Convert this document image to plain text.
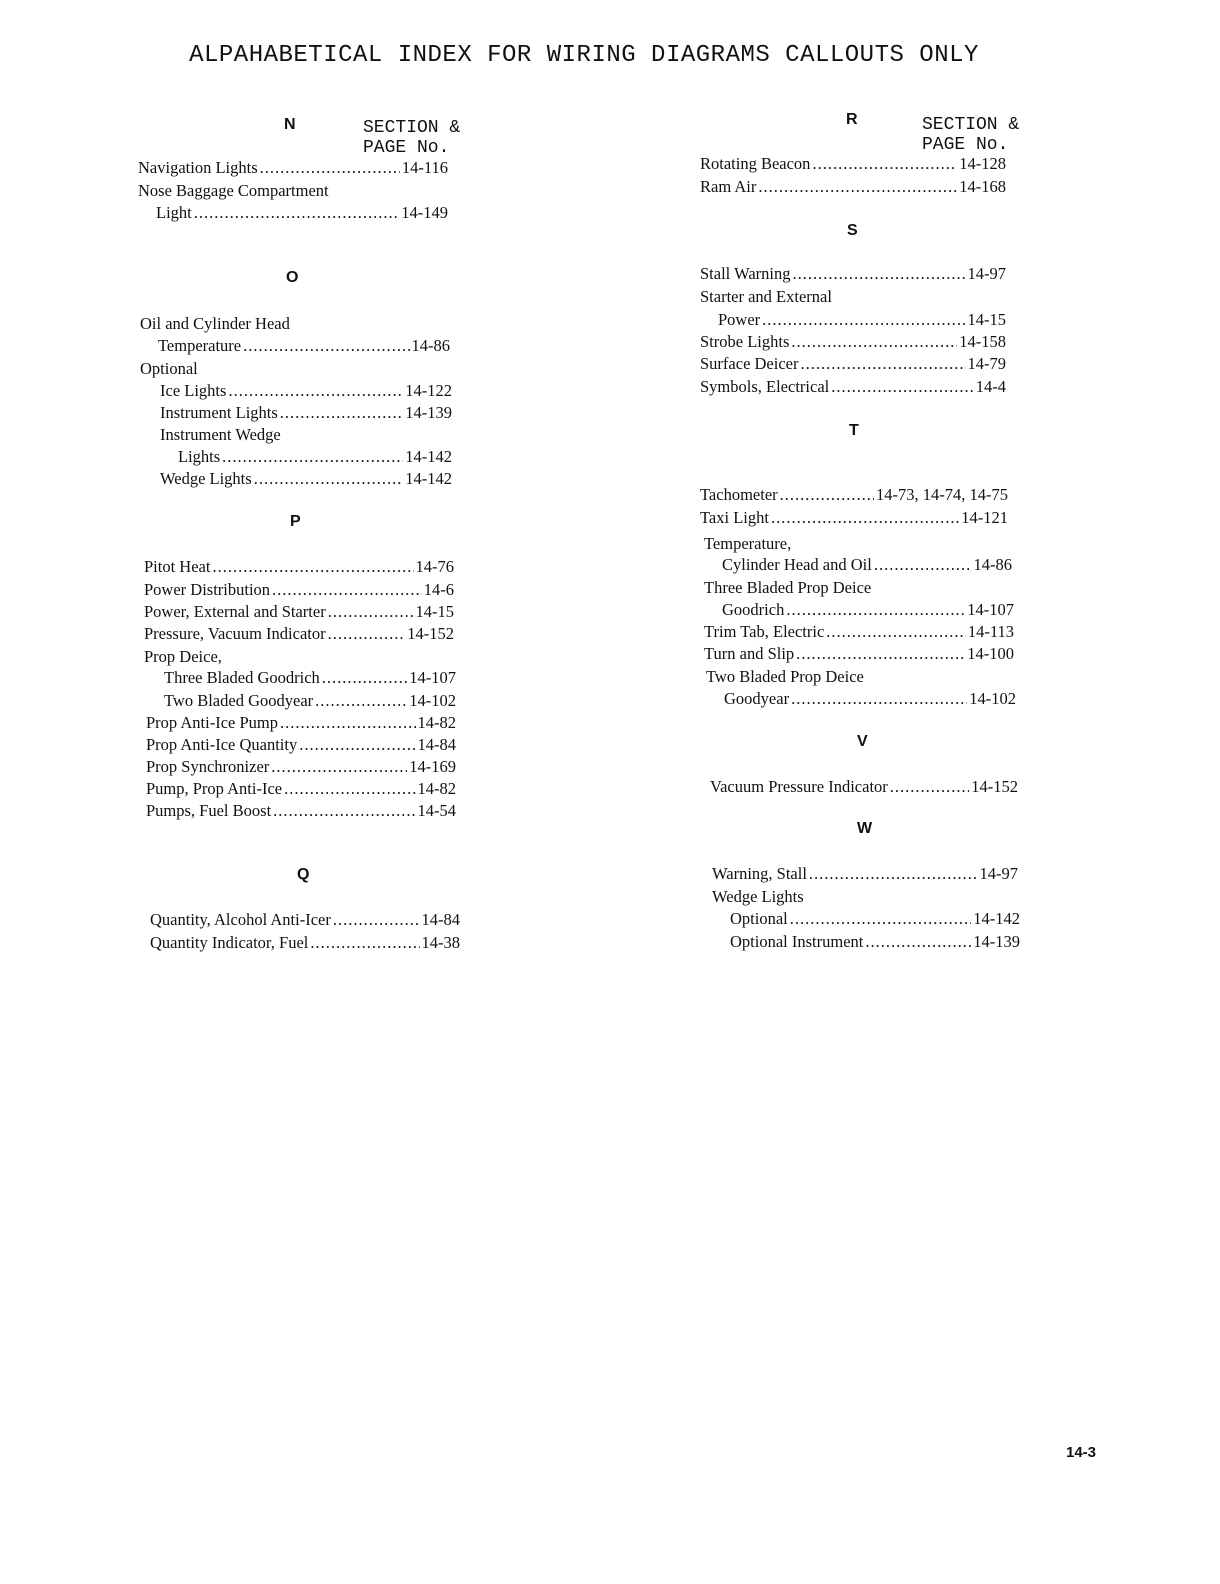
ALPAHABETICAL INDEX FOR WIRING DIAGRAMS CALLOUTS ONLY
N	SECTION &
PAGE No.
Navigation Lights .....	14-116
Nose Baggage Compartment
Light .....	14-149
O
Oil and Cylinder Head
Temperature .....	14-86
Optional
Ice Lights .....	14-122
Instrument Lights .....	14-139
Instrument Wedge
Lights .....	14-142
Wedge Lights .....	14-142
P
Pitot Heat .....	14-76
Power Distribution .....	14-6
Power, External and Starter .....	14-15
Pressure, Vacuum Indicator .....	14-152
Prop Deice,
Three Bladed Goodrich .....	14-107
Two Bladed Goodyear .....	14-102
Prop Anti-Ice Pump .....	14-82
Prop Anti-Ice Quantity .....	14-84
Prop Synchronizer .....	14-169
Pump, Prop Anti-Ice .....	14-82
Pumps, Fuel Boost .....	14-54
Q
Quantity, Alcohol Anti-Icer .....	14-84
Quantity Indicator, Fuel .....	14-38
R	SECTION &
PAGE No.
Rotating Beacon .....	14-128
Ram Air .....	14-168
S
Stall Warning .....	14-97
Starter and External
Power .....	14-15
Strobe Lights .....	14-158
Surface Deicer .....	14-79
Symbols, Electrical .....	14-4
T
Tachometer .....	14-73, 14-74, 14-75
Taxi Light .....	14-121
Temperature,
Cylinder Head and Oil .....	14-86
Three Bladed Prop Deice
Goodrich .....	14-107
Trim Tab, Electric .....	14-113
Turn and Slip .....	14-100
Two Bladed Prop Deice
Goodyear .....	14-102
V
Vacuum Pressure Indicator .....	14-152
W
Warning, Stall .....	14-97
Wedge Lights
Optional .....	14-142
Optional Instrument .....	14-139
14-3
